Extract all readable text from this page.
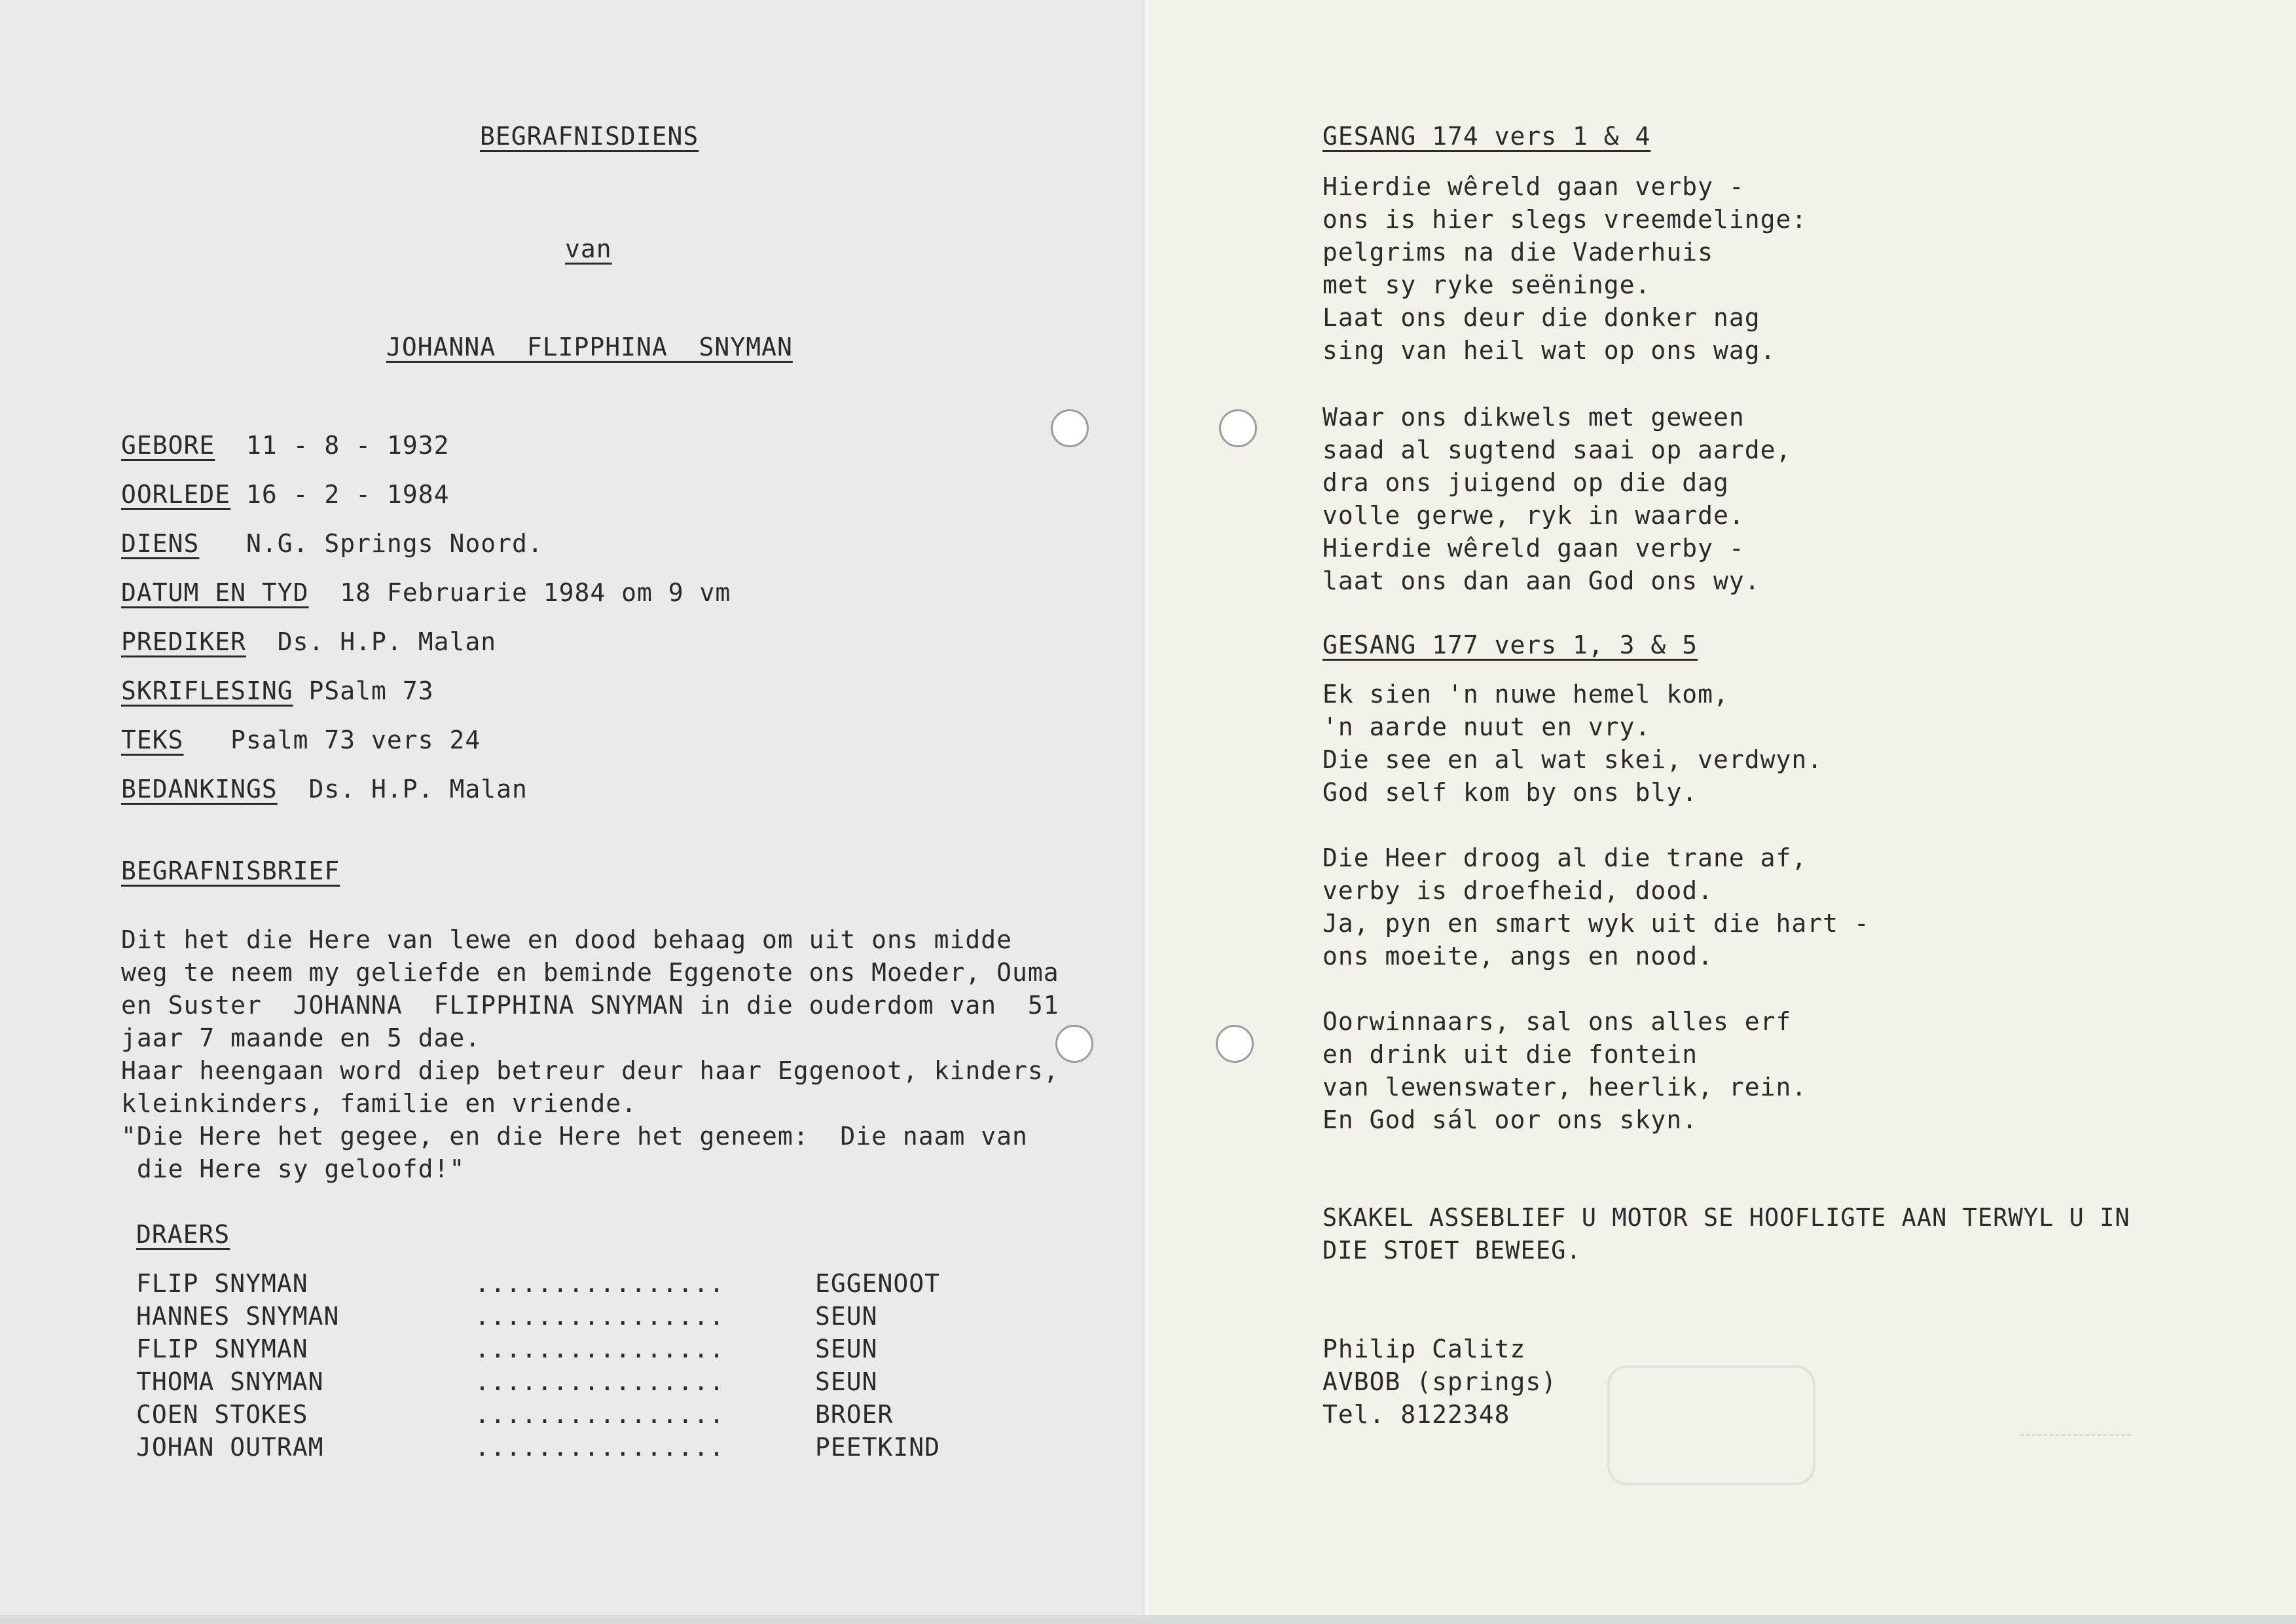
BEGRAFNISDIENS
van
JOHANNA  FLIPPHINA  SNYMAN
GEBORE  11 - 8 - 1932
OORLEDE 16 - 2 - 1984
DIENS   N.G. Springs Noord.
DATUM EN TYD  18 Februarie 1984 om 9 vm
PREDIKER  Ds. H.P. Malan
SKRIFLESING PSalm 73
TEKS   Psalm 73 vers 24
BEDANKINGS  Ds. H.P. Malan
BEGRAFNISBRIEF
Dit het die Here van lewe en dood behaag om uit ons midde
weg te neem my geliefde en beminde Eggenote ons Moeder, Ouma
en Suster  JOHANNA  FLIPPHINA SNYMAN in die ouderdom van  51
jaar 7 maande en 5 dae.
Haar heengaan word diep betreur deur haar Eggenoot, kinders,
kleinkinders, familie en vriende.
"Die Here het gegee, en die Here het geneem:  Die naam van
die Here sy geloofd!"
DRAERS
FLIP SNYMAN	................	EGGENOOT
HANNES SNYMAN	................	SEUN
FLIP SNYMAN	................	SEUN
THOMA SNYMAN	................	SEUN
COEN STOKES	................	BROER
JOHAN OUTRAM	................	PEETKIND
GESANG 174 vers 1 & 4
Hierdie wêreld gaan verby -
ons is hier slegs vreemdelinge:
pelgrims na die Vaderhuis
met sy ryke seëninge.
Laat ons deur die donker nag
sing van heil wat op ons wag.
Waar ons dikwels met geween
saad al sugtend saai op aarde,
dra ons juigend op die dag
volle gerwe, ryk in waarde.
Hierdie wêreld gaan verby -
laat ons dan aan God ons wy.
GESANG 177 vers 1, 3 & 5
Ek sien 'n nuwe hemel kom,
'n aarde nuut en vry.
Die see en al wat skei, verdwyn.
God self kom by ons bly.
Die Heer droog al die trane af,
verby is droefheid, dood.
Ja, pyn en smart wyk uit die hart -
ons moeite, angs en nood.
Oorwinnaars, sal ons alles erf
en drink uit die fontein
van lewenswater, heerlik, rein.
En God sál oor ons skyn.
SKAKEL ASSEBLIEF U MOTOR SE HOOFLIGTE AAN TERWYL U IN
DIE STOET BEWEEG.
Philip Calitz
AVBOB (springs)
Tel. 8122348
